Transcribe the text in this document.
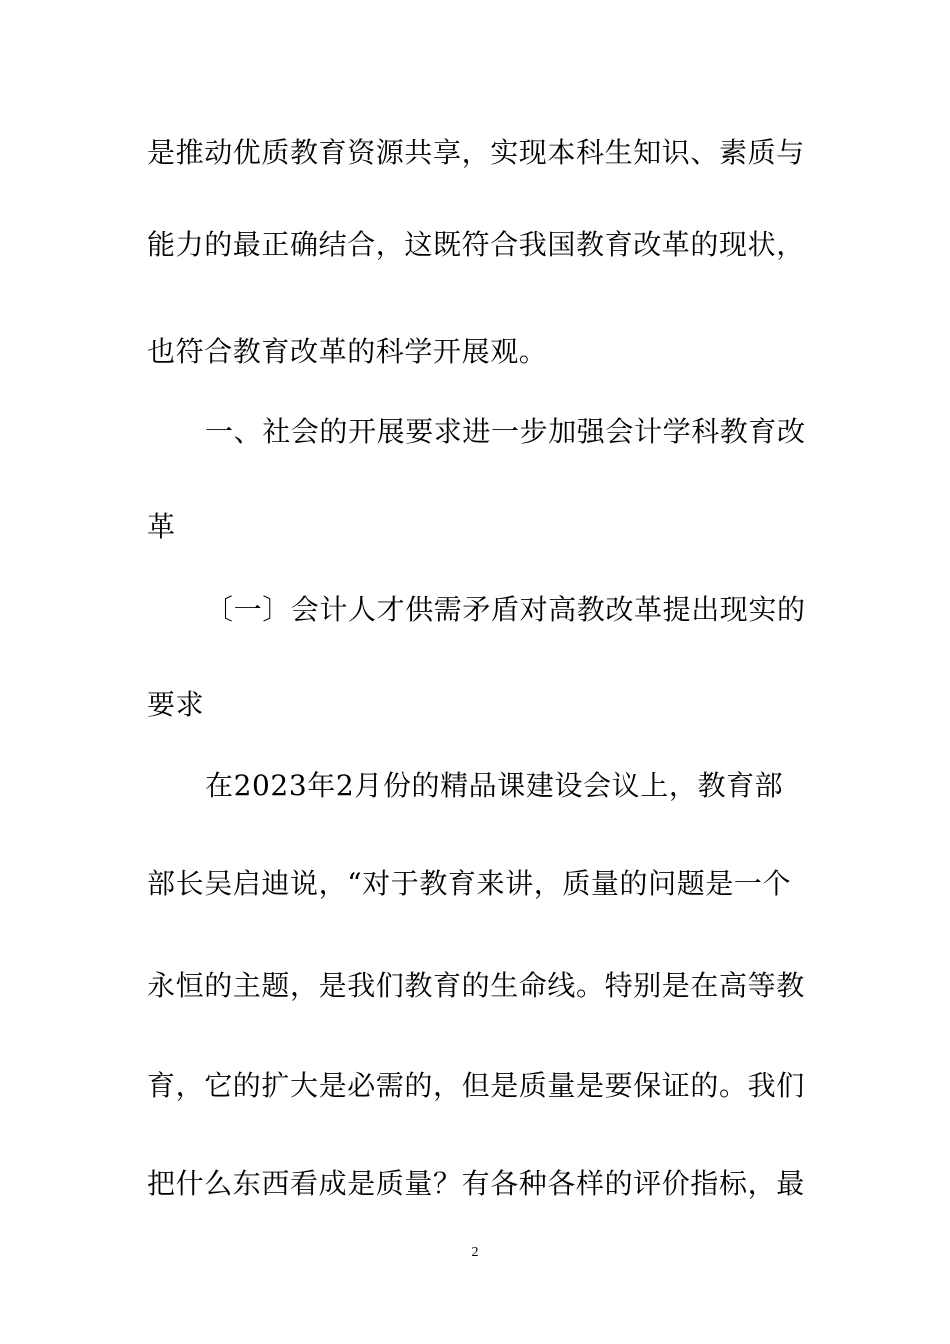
是推动优质教育资源共享，实现本科生知识、素质与
能力的最正确结合，这既符合我国教育改革的现状，
也符合教育改革的科学开展观。
一、社会的开展要求进一步加强会计学科教育改
革
〔一〕会计人才供需矛盾对高教改革提出现实的
要求
在2023年2月份的精品课建设会议上，教育部
部长吴启迪说，“对于教育来讲，质量的问题是一个
永恒的主题，是我们教育的生命线。特别是在高等教
育，它的扩大是必需的，但是质量是要保证的。我们
把什么东西看成是质量？有各种各样的评价指标，最
2
